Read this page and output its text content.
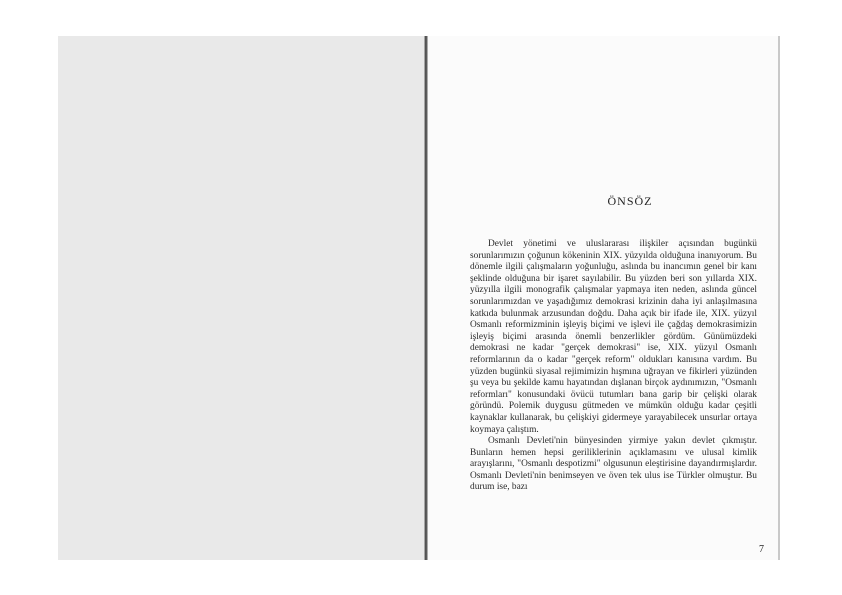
ÖNSÖZ

Devlet yönetimi ve uluslararası ilişkiler açısından bugünkü sorunlarımızın çoğunun kökeninin XIX. yüzyılda olduğuna inanıyorum. Bu dönemle ilgili çalışmaların yoğunluğu, aslında bu inancımın genel bir kanı şeklinde olduğuna bir işaret sayılabilir. Bu yüzden beri son yıllarda XIX. yüzyılla ilgili monografik çalışmalar yapmaya iten neden, aslında güncel sorunlarımızdan ve yaşadığımız demokrasi krizinin daha iyi anlaşılmasına katkıda bulunmak arzusundan doğdu. Daha açık bir ifade ile, XIX. yüzyıl Osmanlı reformizminin işleyiş biçimi ve işlevi ile çağdaş demokrasimizin işleyiş biçimi arasında önemli benzerlikler gördüm. Günümüzdeki demokrasi ne kadar "gerçek demokrasi" ise, XIX. yüzyıl Osmanlı reformlarının da o kadar "gerçek reform" oldukları kanısına vardım. Bu yüzden bugünkü siyasal rejimimizin hışmına uğrayan ve fikirleri yüzünden şu veya bu şekilde kamu hayatından dışlanan birçok aydınımızın, "Osmanlı reformları" konusundaki övücü tutumları bana garip bir çelişki olarak göründü. Polemik duygusu gütmeden ve mümkün olduğu kadar çeşitli kaynaklar kullanarak, bu çelişkiyi gidermeye yarayabilecek unsurlar ortaya koymaya çalıştım.

Osmanlı Devleti'nin bünyesinden yirmiye yakın devlet çıkmıştır. Bunların hemen hepsi geriliklerinin açıklamasını ve ulusal kimlik arayışlarını, "Osmanlı despotizmi" olgusunun eleştirisine dayandırmışlardır. Osmanlı Devleti'nin benimseyen ve öven tek ulus ise Türkler olmuştur. Bu durum ise, bazı

7
